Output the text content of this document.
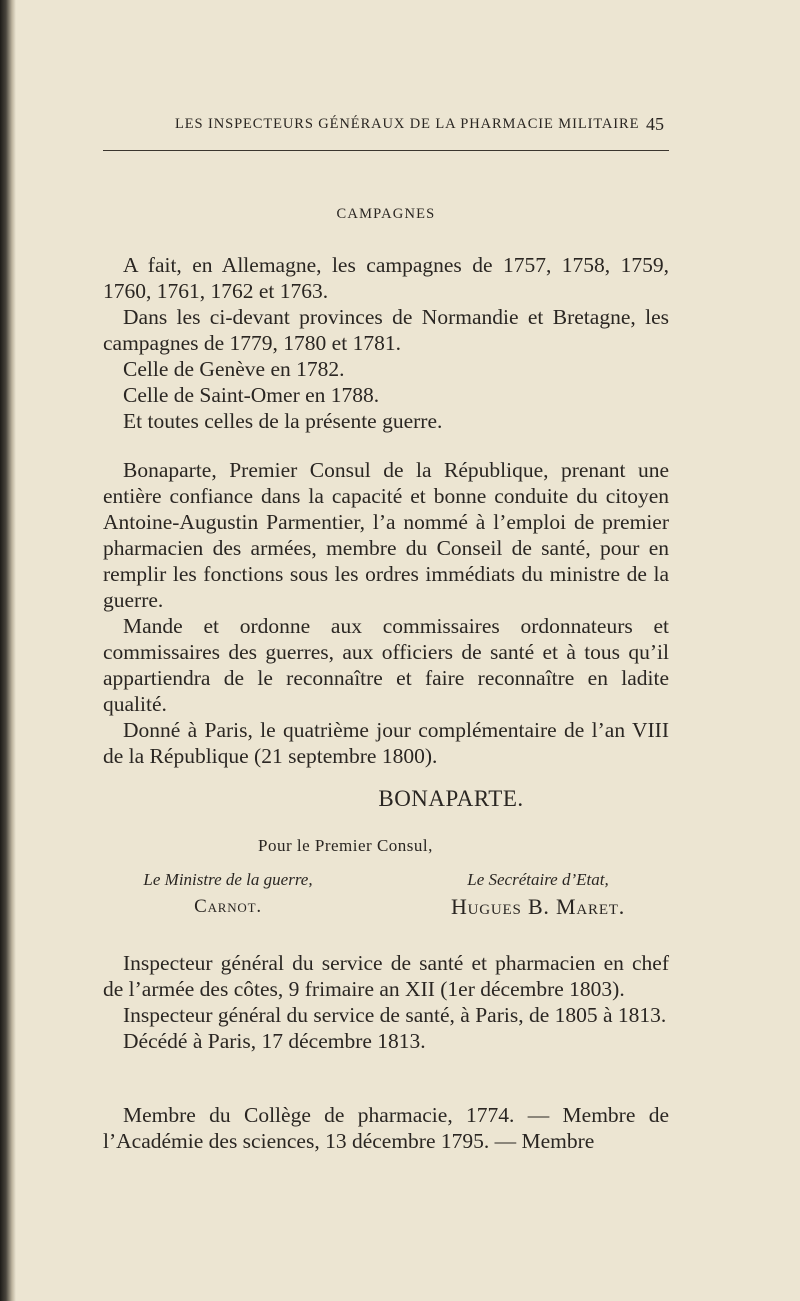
LES INSPECTEURS GÉNÉRAUX DE LA PHARMACIE MILITAIRE 45
CAMPAGNES

A fait, en Allemagne, les campagnes de 1757, 1758, 1759, 1760, 1761, 1762 et 1763.

Dans les ci-devant provinces de Normandie et Bretagne, les campagnes de 1779, 1780 et 1781.

Celle de Genève en 1782.

Celle de Saint-Omer en 1788.

Et toutes celles de la présente guerre.

Bonaparte, Premier Consul de la République, prenant une entière confiance dans la capacité et bonne conduite du citoyen Antoine-Augustin Parmentier, l’a nommé à l’emploi de premier pharmacien des armées, membre du Conseil de santé, pour en remplir les fonctions sous les ordres immédiats du ministre de la guerre.

Mande et ordonne aux commissaires ordonnateurs et commissaires des guerres, aux officiers de santé et à tous qu’il appartiendra de le reconnaître et faire reconnaître en ladite qualité.

Donné à Paris, le quatrième jour complémentaire de l’an VIII de la République (21 septembre 1800).

BONAPARTE.
Pour le Premier Consul,
Le Ministre de la guerre,
Carnot.
Le Secrétaire d’Etat,
Hugues B. Maret.

Inspecteur général du service de santé et pharmacien en chef de l’armée des côtes, 9 frimaire an XII (1er décembre 1803).

Inspecteur général du service de santé, à Paris, de 1805 à 1813.

Décédé à Paris, 17 décembre 1813.

Membre du Collège de pharmacie, 1774. — Membre de l’Académie des sciences, 13 décembre 1795. — Membre
